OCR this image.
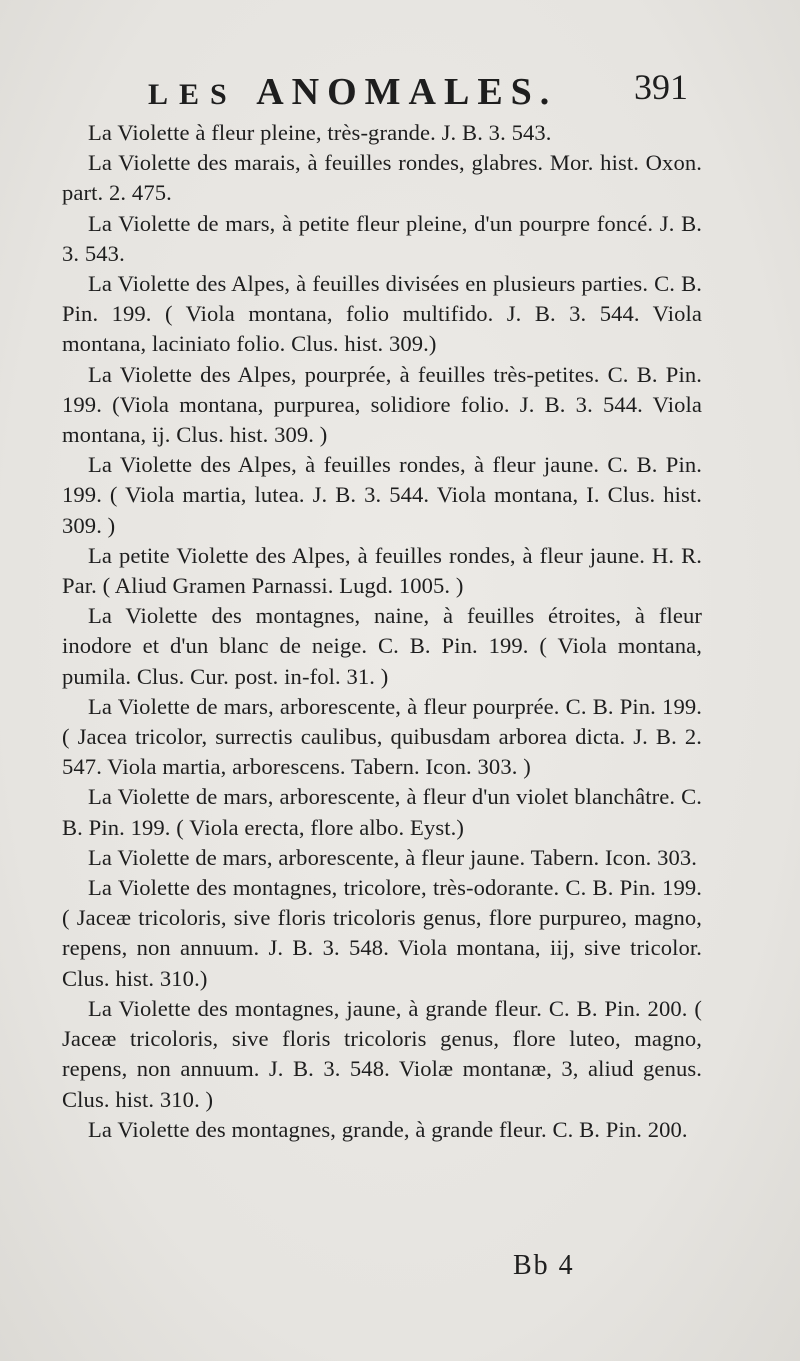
LES ANOMALES. 391

La Violette à fleur pleine, très-grande. J. B. 3. 543.

La Violette des marais, à feuilles rondes, glabres. Mor. hist. Oxon. part. 2. 475.

La Violette de mars, à petite fleur pleine, d'un pourpre foncé. J. B. 3. 543.

La Violette des Alpes, à feuilles divisées en plusieurs parties. C. B. Pin. 199. ( Viola montana, folio multifido. J. B. 3. 544. Viola montana, laciniato folio. Clus. hist. 309.)

La Violette des Alpes, pourprée, à feuilles très-petites. C. B. Pin. 199. (Viola montana, purpurea, solidiore folio. J. B. 3. 544. Viola montana, ij. Clus. hist. 309. )

La Violette des Alpes, à feuilles rondes, à fleur jaune. C. B. Pin. 199. ( Viola martia, lutea. J. B. 3. 544. Viola montana, I. Clus. hist. 309. )

La petite Violette des Alpes, à feuilles rondes, à fleur jaune. H. R. Par. ( Aliud Gramen Parnassi. Lugd. 1005. )

La Violette des montagnes, naine, à feuilles étroites, à fleur inodore et d'un blanc de neige. C. B. Pin. 199. ( Viola montana, pumila. Clus. Cur. post. in-fol. 31. )

La Violette de mars, arborescente, à fleur pourprée. C. B. Pin. 199. ( Jacea tricolor, surrectis caulibus, quibusdam arborea dicta. J. B. 2. 547. Viola martia, arborescens. Tabern. Icon. 303. )

La Violette de mars, arborescente, à fleur d'un violet blanchâtre. C. B. Pin. 199. ( Viola erecta, flore albo. Eyst.)

La Violette de mars, arborescente, à fleur jaune. Tabern. Icon. 303.

La Violette des montagnes, tricolore, très-odorante. C. B. Pin. 199. ( Jaceæ tricoloris, sive floris tricoloris genus, flore purpureo, magno, repens, non annuum. J. B. 3. 548. Viola montana, iij, sive tricolor. Clus. hist. 310.)

La Violette des montagnes, jaune, à grande fleur. C. B. Pin. 200. ( Jaceæ tricoloris, sive floris tricoloris genus, flore luteo, magno, repens, non annuum. J. B. 3. 548. Violæ montanæ, 3, aliud genus. Clus. hist. 310. )

La Violette des montagnes, grande, à grande fleur. C. B. Pin. 200.

Bb 4
